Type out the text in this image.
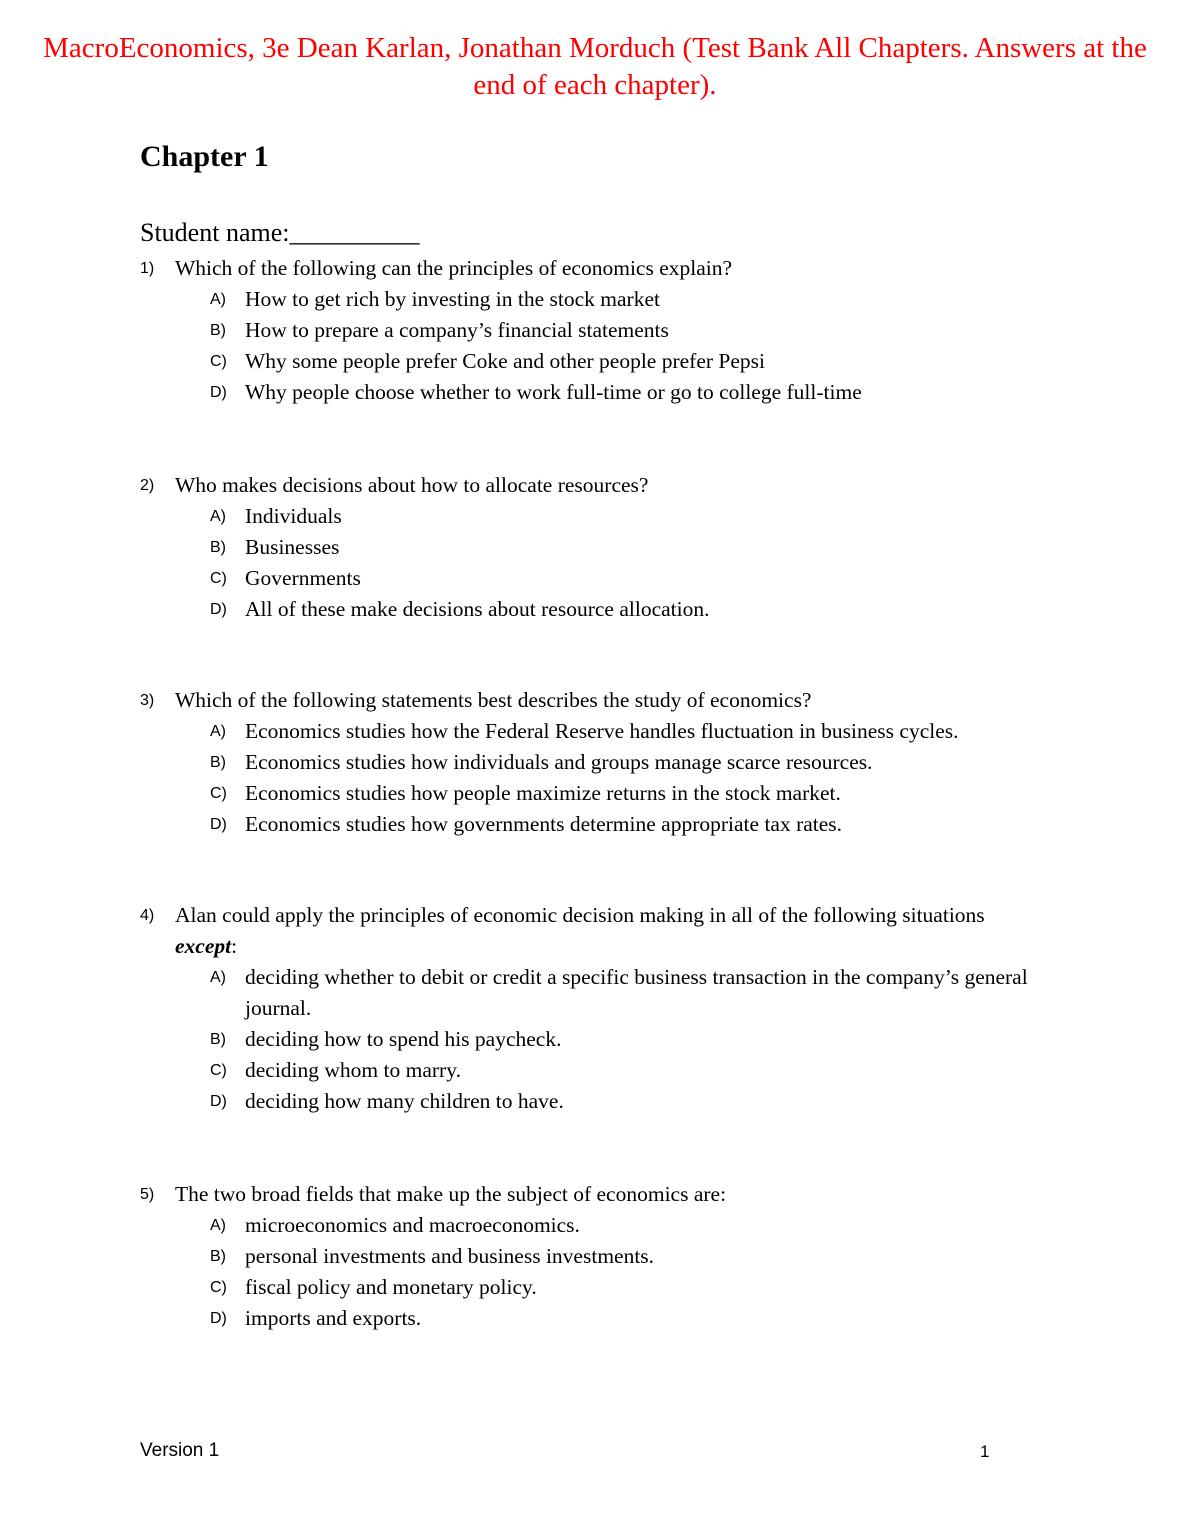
MacroEconomics, 3e Dean Karlan, Jonathan Morduch (Test Bank All Chapters. Answers at the end of each chapter).
Chapter 1
Student name:__________
1) Which of the following can the principles of economics explain?
A) How to get rich by investing in the stock market
B) How to prepare a company’s financial statements
C) Why some people prefer Coke and other people prefer Pepsi
D) Why people choose whether to work full-time or go to college full-time
2) Who makes decisions about how to allocate resources?
A) Individuals
B) Businesses
C) Governments
D) All of these make decisions about resource allocation.
3) Which of the following statements best describes the study of economics?
A) Economics studies how the Federal Reserve handles fluctuation in business cycles.
B) Economics studies how individuals and groups manage scarce resources.
C) Economics studies how people maximize returns in the stock market.
D) Economics studies how governments determine appropriate tax rates.
4) Alan could apply the principles of economic decision making in all of the following situations except:
A) deciding whether to debit or credit a specific business transaction in the company’s general journal.
B) deciding how to spend his paycheck.
C) deciding whom to marry.
D) deciding how many children to have.
5) The two broad fields that make up the subject of economics are:
A) microeconomics and macroeconomics.
B) personal investments and business investments.
C) fiscal policy and monetary policy.
D) imports and exports.
Version 1	1
